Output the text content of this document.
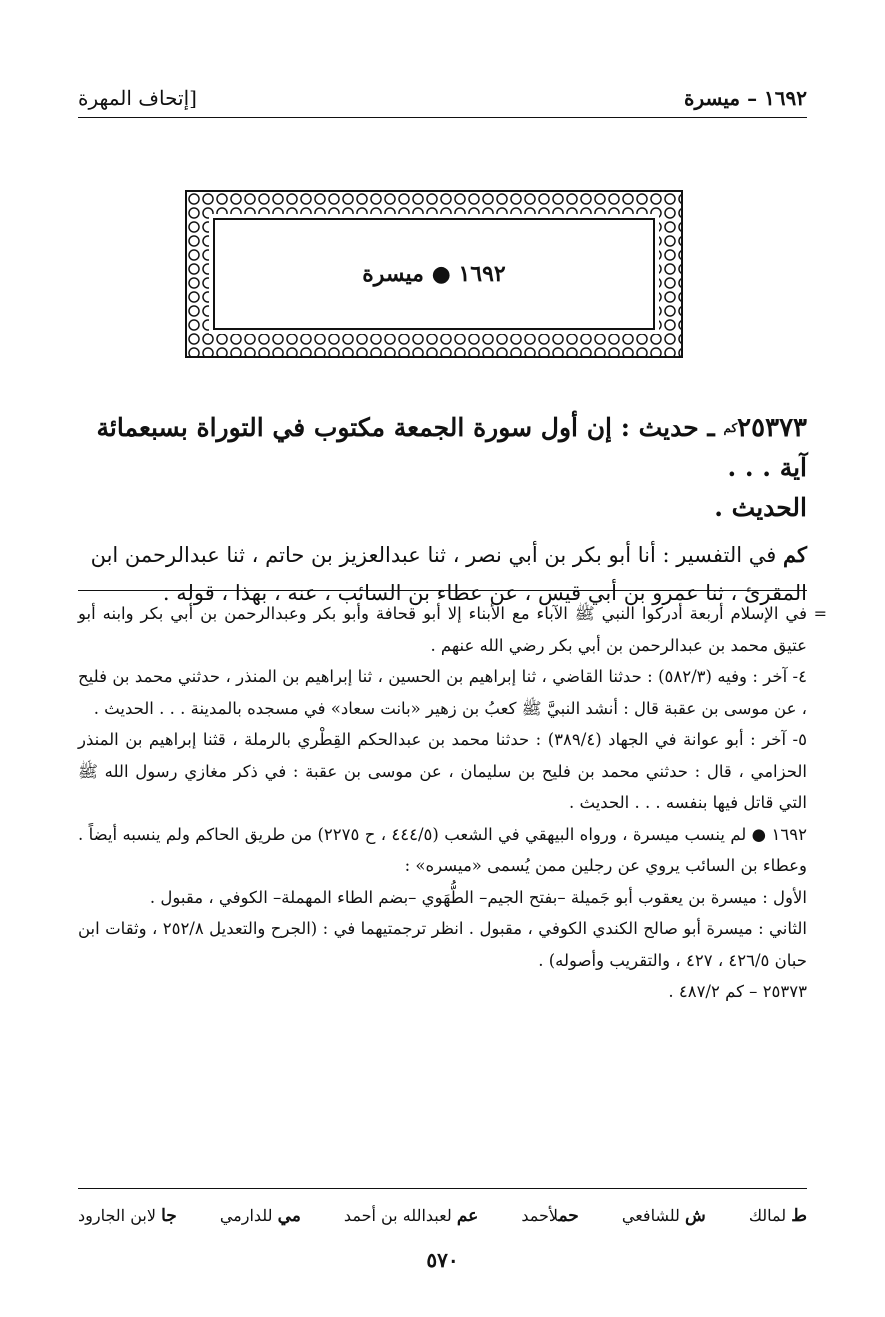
١٦٩٢ – ميسرة
[إتحاف المهرة
١٦٩٢ ● ميسرة
$٢٥٣٧٣^{كم}$ ـ حديث : إن أول سورة الجمعة مكتوب في التوراة بسبعمائة آية . . .
الحديث .
كم في التفسير : أنا أبو بكر بن أبي نصر ، ثنا عبدالعزيز بن حاتم ، ثنا عبدالرحمن ابن المقرئ ، ثنا عمرو بن أبي قيس ، عن عطاء بن السائب ، عنه ، بهذا ، قوله .
=

في الإسلام أربعة أدركوا النبي ﷺ الآباء مع الأبناء إلا أبو قحافة وأبو بكر وعبدالرحمن بن أبي بكر وابنه أبو عتيق محمد بن عبدالرحمن بن أبي بكر رضي الله عنهم .

٤- آخر : وفيه (٥٨٢/٣) : حدثنا القاضي ، ثنا إبراهيم بن الحسين ، ثنا إبراهيم بن المنذر ، حدثني محمد بن فليح ، عن موسى بن عقبة قال : أنشد النبيَّ ﷺ كعبُ بن زهير «بانت سعاد» في مسجده بالمدينة . . . الحديث .

٥- آخر : أبو عوانة في الجهاد (٣٨٩/٤) : حدثنا محمد بن عبدالحكم القِطْري بالرملة ، قثنا إبراهيم بن المنذر الحزامي ، قال : حدثني محمد بن فليح بن سليمان ، عن موسى بن عقبة : في ذكر مغازي رسول الله ﷺ التي قاتل فيها بنفسه . . . الحديث .

١٦٩٢ ● لم ينسب ميسرة ، ورواه البيهقي في الشعب (٤٤٤/٥ ، ح ٢٢٧٥) من طريق الحاكم ولم ينسبه أيضاً . وعطاء بن السائب يروي عن رجلين ممن يُسمى «ميسره» :

الأول : ميسرة بن يعقوب أبو جَميلة –بفتح الجيم– الطُّهَوي –بضم الطاء المهملة– الكوفي ، مقبول .

الثاني : ميسرة أبو صالح الكندي الكوفي ، مقبول . انظر ترجمتيهما في : (الجرح والتعديل ٢٥٢/٨ ، وثقات ابن حبان ٤٢٦/٥ ، ٤٢٧ ، والتقريب وأصوله) .

٢٥٣٧٣ – كم ٤٨٧/٢ .

ط لمالك
ش للشافعي
حملأحمد
عم لعبدالله بن أحمد
مي للدارمي
جا لابن الجارود
٥٧٠
